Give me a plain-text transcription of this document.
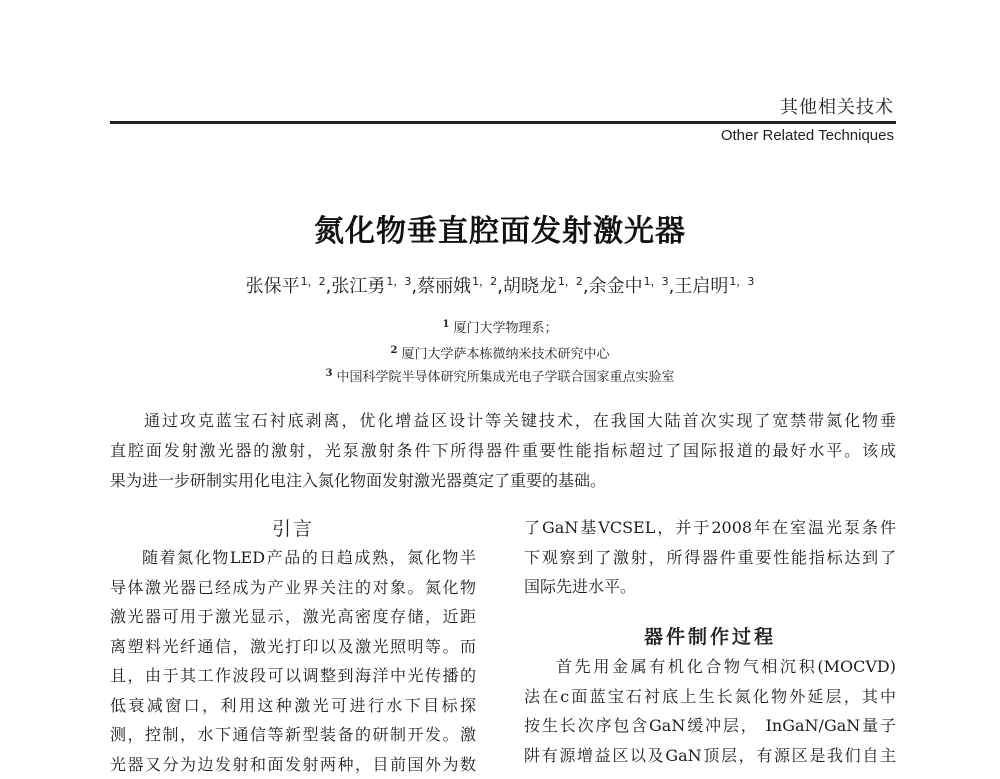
其他相关技术
Other Related Techniques
氮化物垂直腔面发射激光器
张保平$^{1,2}$,张江勇$^{1,3}$,蔡丽娥$^{1,2}$,胡晓龙$^{1,2}$,余金中$^{1,3}$,王启明$^{1,3}$
$^1$ 厦门大学物理系；
$^2$ 厦门大学萨本栋微纳米技术研究中心
$^3$ 中国科学院半导体研究所集成光电子学联合国家重点实验室
通过攻克蓝宝石衬底剥离，优化增益区设计等关键技术，在我国大陆首次实现了宽禁带氮化物垂
直腔面发射激光器的激射，光泵激射条件下所得器件重要性能指标超过了国际报道的最好水平。该成
果为进一步研制实用化电注入氮化物面发射激光器奠定了重要的基础。
引言
随着氮化物LED产品的日趋成熟，氮化物半
导体激光器已经成为产业界关注的对象。氮化物
激光器可用于激光显示，激光高密度存储，近距
离塑料光纤通信，激光打印以及激光照明等。而
且，由于其工作波段可以调整到海洋中光传播的
低衰减窗口，利用这种激光可进行水下目标探
测，控制，水下通信等新型装备的研制开发。激
光器又分为边发射和面发射两种，目前国外为数
了GaN基VCSEL，并于2008年在室温光泵条件
下观察到了激射，所得器件重要性能指标达到了
国际先进水平。
器件制作过程
首先用金属有机化合物气相沉积(MOCVD)
法在c面蓝宝石衬底上生长氮化物外延层，其中
按生长次序包含GaN缓冲层， InGaN/GaN量子
阱有源增益区以及GaN顶层，有源区是我们自主
